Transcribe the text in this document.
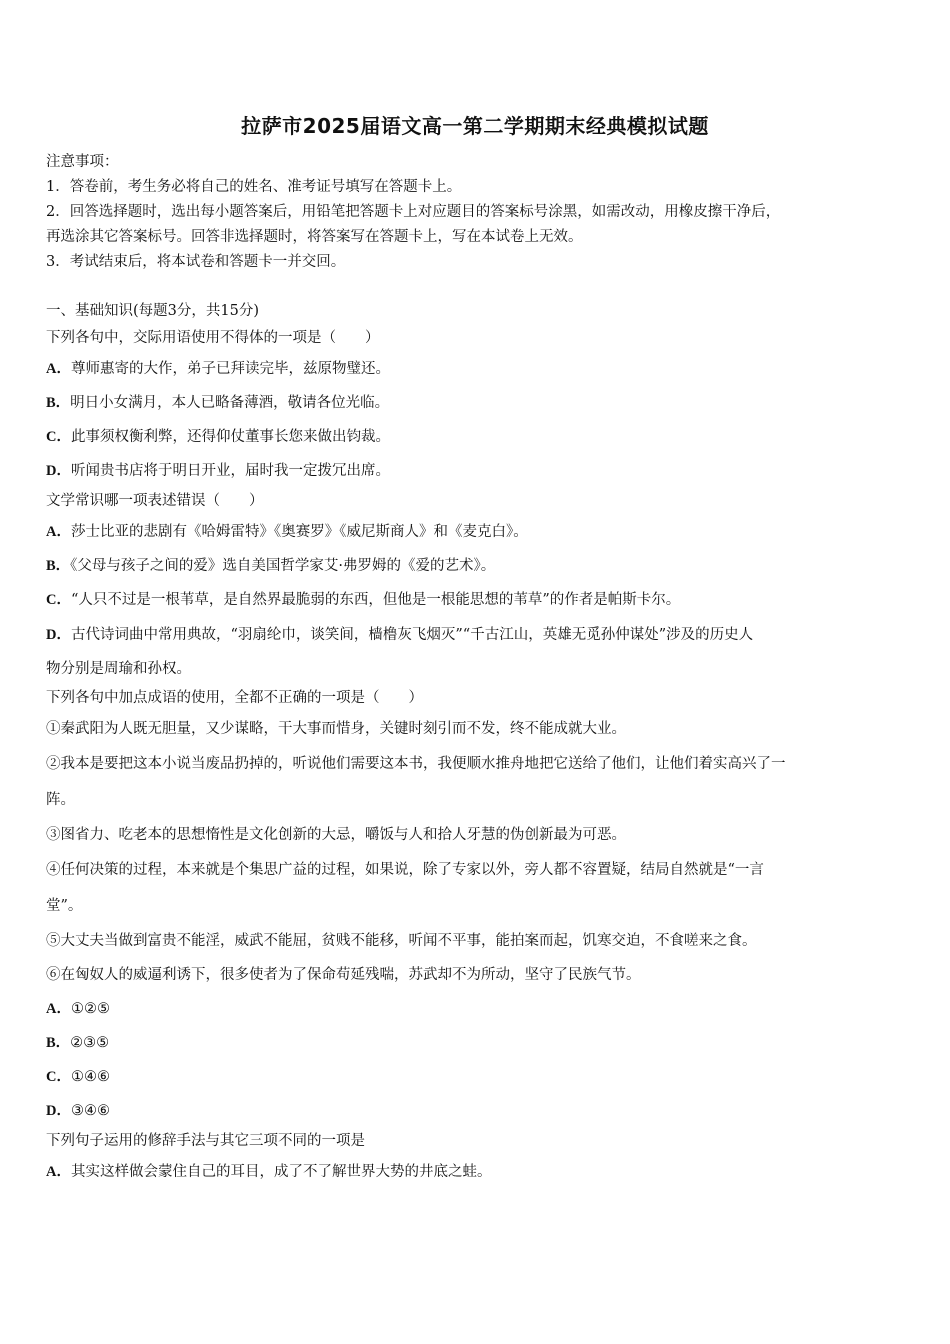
拉萨市2025届语文高一第二学期期末经典模拟试题
注意事项：
1．答卷前，考生务必将自己的姓名、准考证号填写在答题卡上。
2．回答选择题时，选出每小题答案后，用铅笔把答题卡上对应题目的答案标号涂黑，如需改动，用橡皮擦干净后，
再选涂其它答案标号。回答非选择题时，将答案写在答题卡上，写在本试卷上无效。
3．考试结束后，将本试卷和答题卡一并交回。
一、基础知识(每题3分，共15分)
下列各句中，交际用语使用不得体的一项是（　　）
A．尊师惠寄的大作，弟子已拜读完毕，兹原物璧还。
B．明日小女满月，本人已略备薄酒，敬请各位光临。
C．此事须权衡利弊，还得仰仗董事长您来做出钧裁。
D．听闻贵书店将于明日开业，届时我一定拨冗出席。
文学常识哪一项表述错误（　　）
A．莎士比亚的悲剧有《哈姆雷特》《奥赛罗》《威尼斯商人》和《麦克白》。
B．《父母与孩子之间的爱》选自美国哲学家艾·弗罗姆的《爱的艺术》。
C．“人只不过是一根苇草，是自然界最脆弱的东西，但他是一根能思想的苇草”的作者是帕斯卡尔。
D．古代诗词曲中常用典故，“羽扇纶巾，谈笑间，樯橹灰飞烟灭”“千古江山，英雄无觅孙仲谋处”涉及的历史人
物分别是周瑜和孙权。
下列各句中加点成语的使用，全都不正确的一项是（　　）
①秦武阳为人既无胆量，又少谋略，干大事而惜身，关键时刻引而不发，终不能成就大业。
②我本是要把这本小说当废品扔掉的，听说他们需要这本书，我便顺水推舟地把它送给了他们，让他们着实高兴了一
阵。
③图省力、吃老本的思想惰性是文化创新的大忌，嚼饭与人和拾人牙慧的伪创新最为可恶。
④任何决策的过程，本来就是个集思广益的过程，如果说，除了专家以外，旁人都不容置疑，结局自然就是“一言
堂”。
⑤大丈夫当做到富贵不能淫，威武不能屈，贫贱不能移，听闻不平事，能拍案而起，饥寒交迫，不食嗟来之食。
⑥在匈奴人的威逼利诱下，很多使者为了保命苟延残喘，苏武却不为所动，坚守了民族气节。
A．①②⑤
B．②③⑤
C．①④⑥
D．③④⑥
下列句子运用的修辞手法与其它三项不同的一项是
A．其实这样做会蒙住自己的耳目，成了不了解世界大势的井底之蛙。
